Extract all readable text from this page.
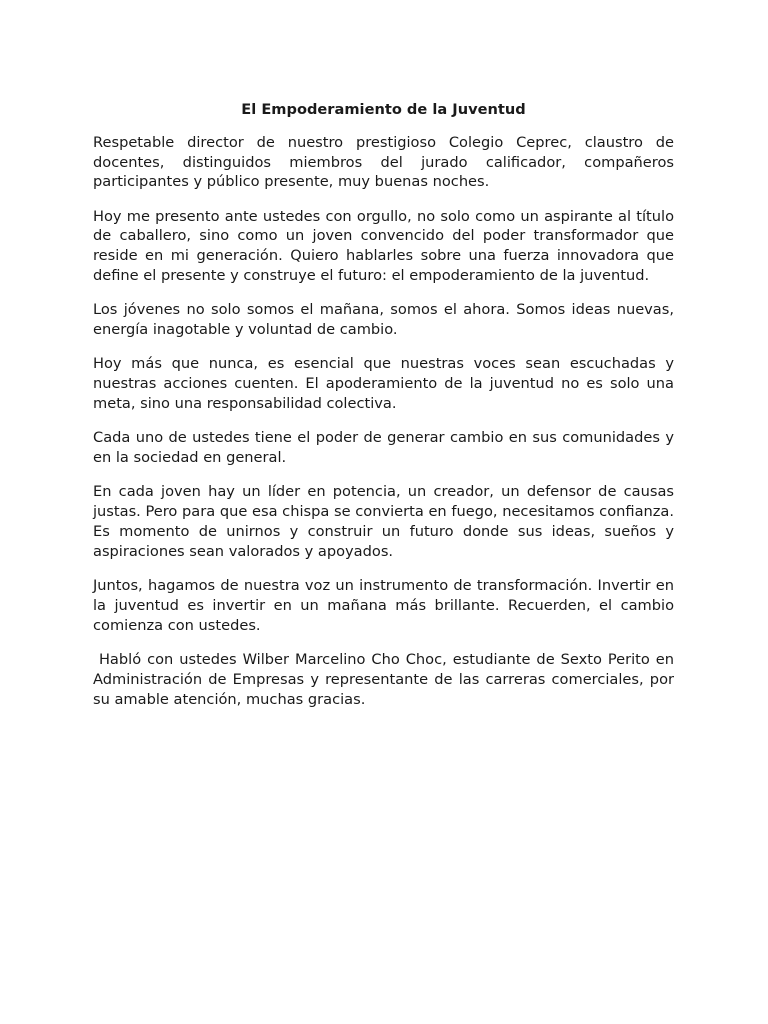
El Empoderamiento de la Juventud

Respetable director de nuestro prestigioso Colegio Ceprec, claustro de docentes, distinguidos miembros del jurado calificador, compañeros participantes y público presente, muy buenas noches.

Hoy me presento ante ustedes con orgullo, no solo como un aspirante al título de caballero, sino como un joven convencido del poder transformador que reside en mi generación. Quiero hablarles sobre una fuerza innovadora que define el presente y construye el futuro: el empoderamiento de la juventud.

Los jóvenes no solo somos el mañana, somos el ahora. Somos ideas nuevas, energía inagotable y voluntad de cambio.

Hoy más que nunca, es esencial que nuestras voces sean escuchadas y nuestras acciones cuenten. El apoderamiento de la juventud no es solo una meta, sino una responsabilidad colectiva.

Cada uno de ustedes tiene el poder de generar cambio en sus comunidades y en la sociedad en general.

En cada joven hay un líder en potencia, un creador, un defensor de causas justas. Pero para que esa chispa se convierta en fuego, necesitamos confianza. Es momento de unirnos y construir un futuro donde sus ideas, sueños y aspiraciones sean valorados y apoyados.

Juntos, hagamos de nuestra voz un instrumento de transformación. Invertir en la juventud es invertir en un mañana más brillante. Recuerden, el cambio comienza con ustedes.

Habló con ustedes Wilber Marcelino Cho Choc, estudiante de Sexto Perito en Administración de Empresas y representante de las carreras comerciales, por su amable atención, muchas gracias.
